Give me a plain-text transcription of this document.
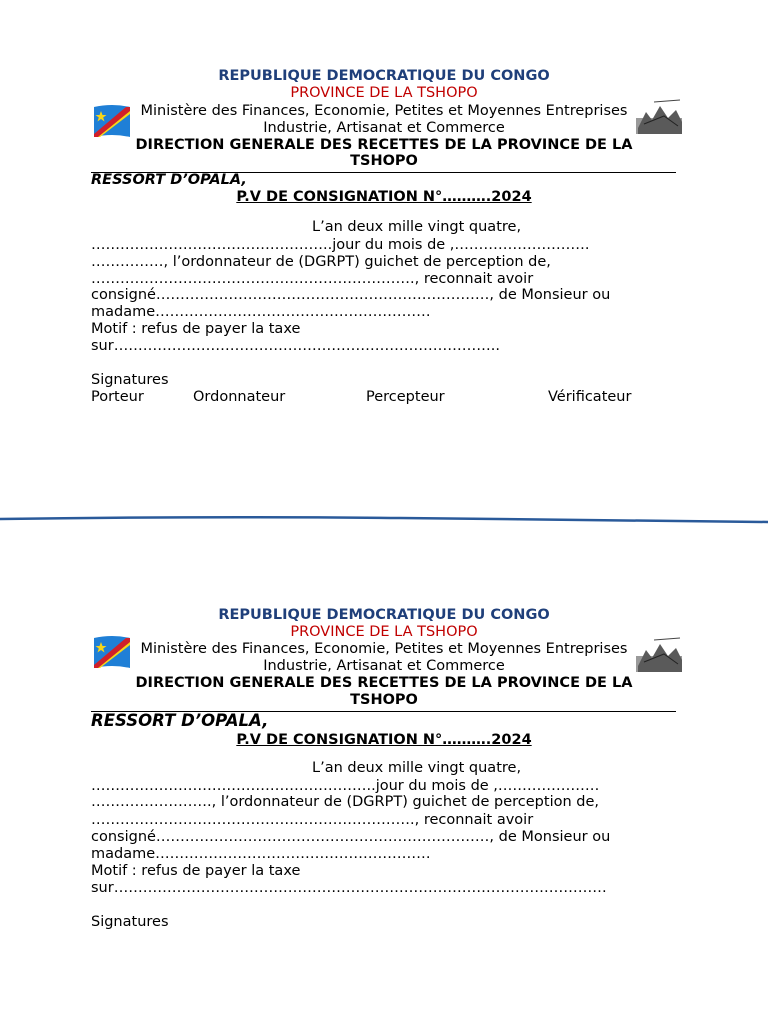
REPUBLIQUE DEMOCRATIQUE DU CONGO
PROVINCE DE LA TSHOPO
Ministère des Finances, Economie, Petites et Moyennes Entreprises
Industrie, Artisanat et Commerce
DIRECTION GENERALE DES RECETTES DE LA PROVINCE DE LA
TSHOPO
RESSORT D’OPALA,
P.V DE CONSIGNATION N°……….2024
L’an deux mille vingt quatre,
…………………………………………..jour du mois de ,……………………….
……………, l’ordonnateur de (DGRPT) guichet de perception de,
…………………………………………………………., reconnait avoir
consigné……………………………………………………………, de Monsieur ou
madame…………………………………………………
Motif : refus de payer la taxe
sur……………………………………………………………………..
Signatures
Porteur	Ordonnateur	Percepteur	Vérificateur
REPUBLIQUE DEMOCRATIQUE DU CONGO
PROVINCE DE LA TSHOPO
Ministère des Finances, Economie, Petites et Moyennes Entreprises
Industrie, Artisanat et Commerce
DIRECTION GENERALE DES RECETTES DE LA PROVINCE DE LA
TSHOPO
RESSORT D’OPALA,
P.V DE CONSIGNATION N°……….2024
L’an deux mille vingt quatre,
…………………………………………………..jour du mois de ,…………………
……………………., l’ordonnateur de (DGRPT) guichet de perception de,
…………………………………………………………., reconnait avoir
consigné……………………………………………………………, de Monsieur ou
madame…………………………………………………
Motif : refus de payer la taxe
sur…………………………………………………………………………………………
Signatures
